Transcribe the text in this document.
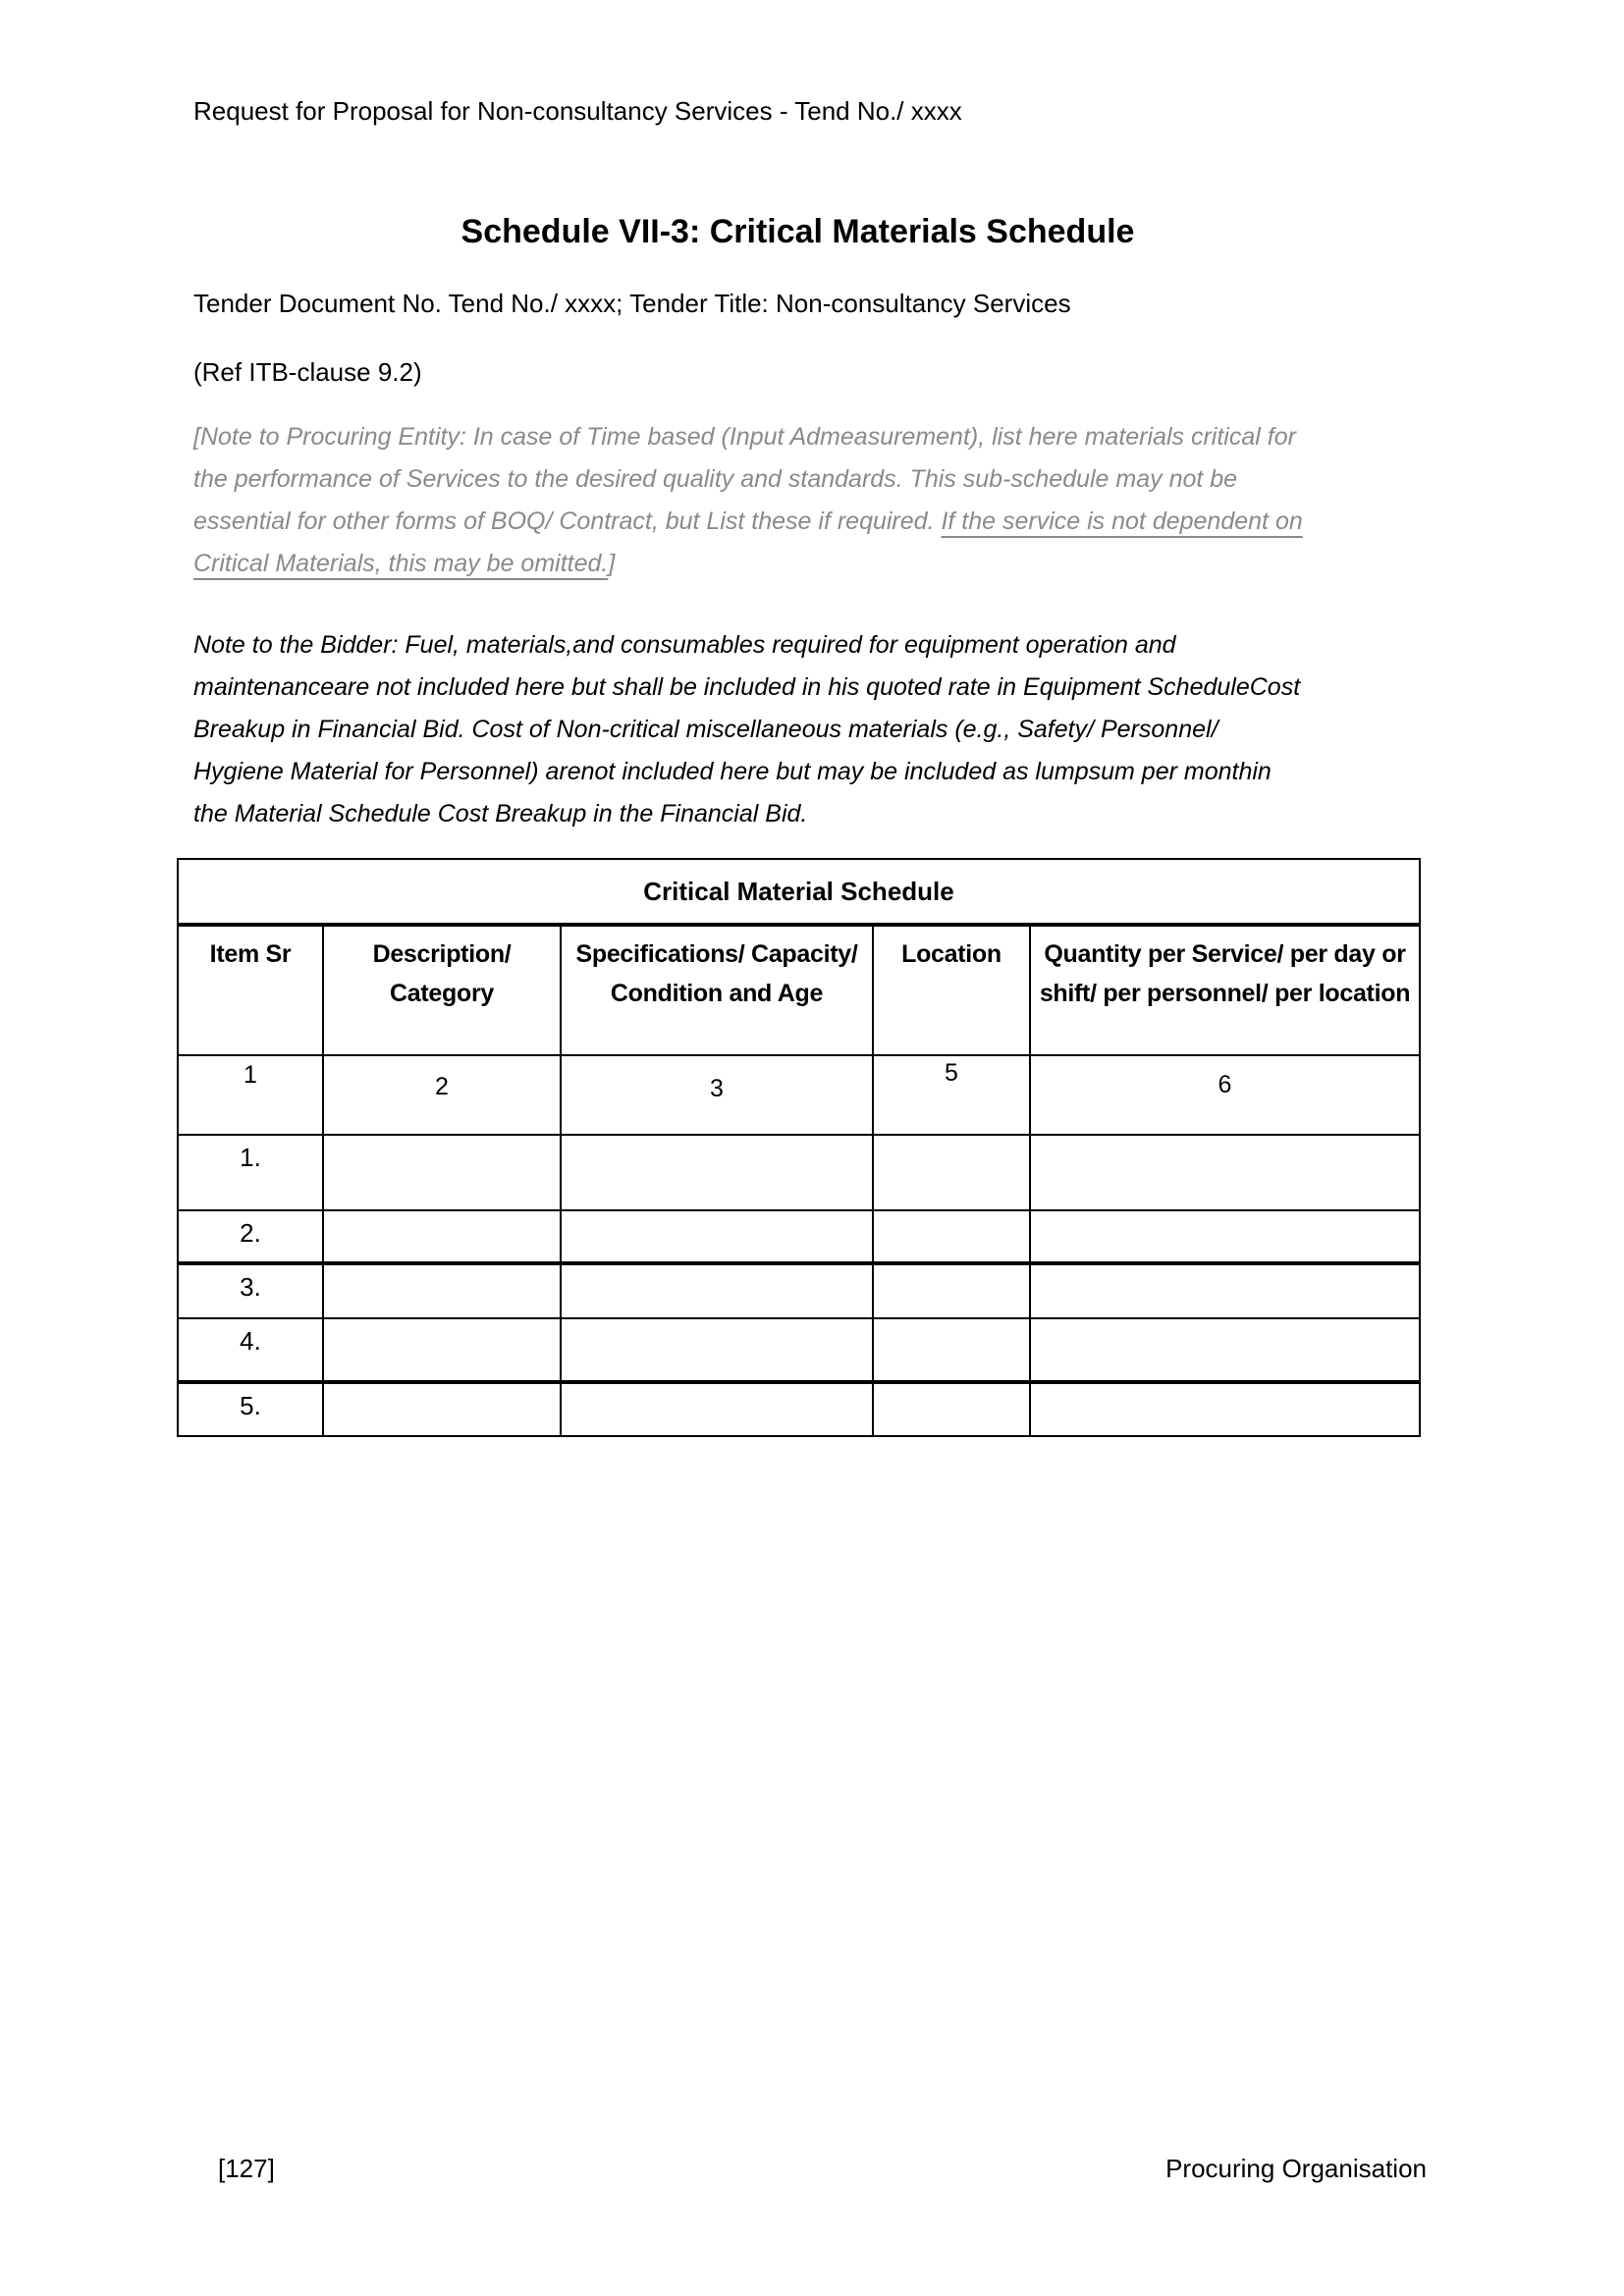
Request for Proposal for Non-consultancy Services - Tend No./ xxxx
Schedule VII-3: Critical Materials Schedule
Tender Document No. Tend No./ xxxx; Tender Title: Non-consultancy Services
(Ref ITB-clause 9.2)
[Note to Procuring Entity: In case of Time based (Input Admeasurement), list here materials critical for
the performance of Services to the desired quality and standards. This sub-schedule may not be
essential for other forms of BOQ/ Contract, but List these if required. If the service is not dependent on
Critical Materials, this may be omitted.]
Note to the Bidder: Fuel, materials,and consumables required for equipment operation and
maintenanceare not included here but shall be included in his quoted rate in Equipment ScheduleCost
Breakup in Financial Bid. Cost of Non-critical miscellaneous materials (e.g., Safety/ Personnel/
Hygiene Material for Personnel) arenot included here but may be included as lumpsum per monthin
the Material Schedule Cost Breakup in the Financial Bid.
Critical Material Schedule				
Item Sr	Description/ Category	Specifications/ Capacity/ Condition and Age	Location	Quantity per Service/ per day or shift/ per personnel/ per location
1	2	3	5	6
1.				
2.				
3.				
4.				
5.				
[127]	Procuring Organisation
